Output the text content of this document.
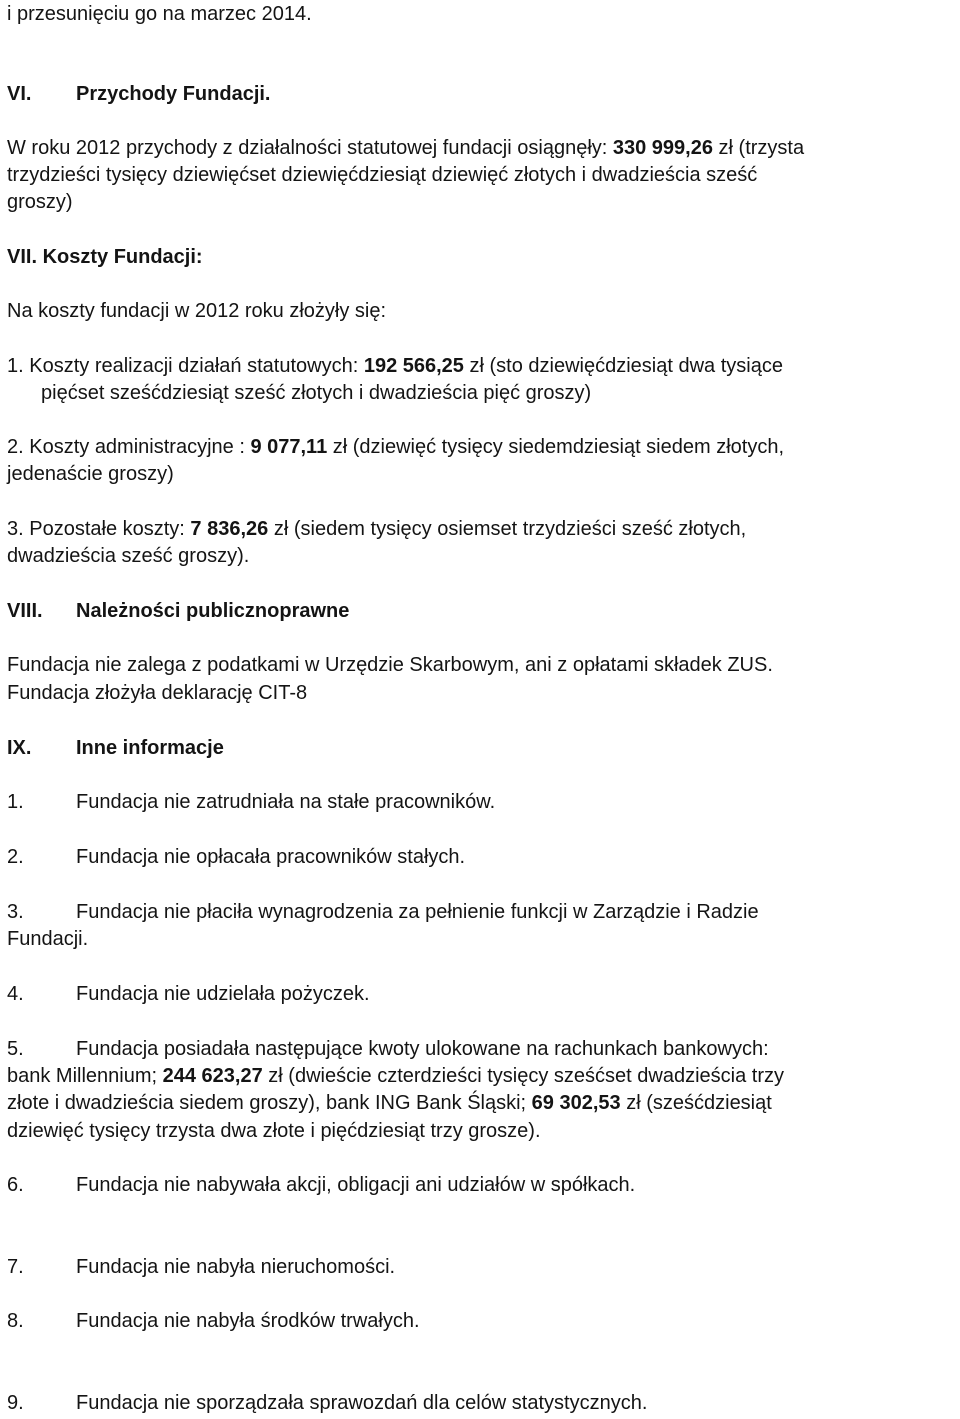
i przesunięciu go na marzec 2014.

VI. Przychody Fundacji.

W roku 2012 przychody z działalności statutowej fundacji osiągnęły: 330 999,26 zł (trzysta

trzydzieści tysięcy dziewięćset dziewięćdziesiąt dziewięć złotych i dwadzieścia sześć

groszy)

VII. Koszty Fundacji:

Na koszty fundacji w 2012 roku złożyły się:

1. Koszty realizacji działań statutowych: 192 566,25 zł (sto dziewięćdziesiąt dwa tysiące

pięćset sześćdziesiąt sześć złotych i dwadzieścia pięć groszy)

2. Koszty administracyjne : 9 077,11 zł (dziewięć tysięcy siedemdziesiąt siedem złotych,

jedenaście groszy)

3. Pozostałe koszty: 7 836,26 zł (siedem tysięcy osiemset trzydzieści sześć złotych,

dwadzieścia sześć groszy).

VIII. Należności publicznoprawne

Fundacja nie zalega z podatkami w Urzędzie Skarbowym, ani z opłatami składek ZUS.

Fundacja złożyła deklarację CIT-8

IX. Inne informacje

1.	Fundacja nie zatrudniała na stałe pracowników.

2.	Fundacja nie opłacała pracowników stałych.

3.	Fundacja nie płaciła wynagrodzenia za pełnienie funkcji w Zarządzie i Radzie

Fundacji.

4.	Fundacja nie udzielała pożyczek.

5.	Fundacja posiadała następujące kwoty ulokowane na rachunkach bankowych:

bank Millennium; 244 623,27 zł (dwieście czterdzieści tysięcy sześćset dwadzieścia trzy

złote i dwadzieścia siedem groszy), bank ING Bank Śląski; 69 302,53 zł (sześćdziesiąt

dziewięć tysięcy trzysta dwa złote i pięćdziesiąt trzy grosze).

6.	Fundacja nie nabywała akcji, obligacji ani udziałów w spółkach.

7.	Fundacja nie nabyła nieruchomości.

8.	Fundacja nie nabyła środków trwałych.

9.	Fundacja nie sporządzała sprawozdań dla celów statystycznych.
